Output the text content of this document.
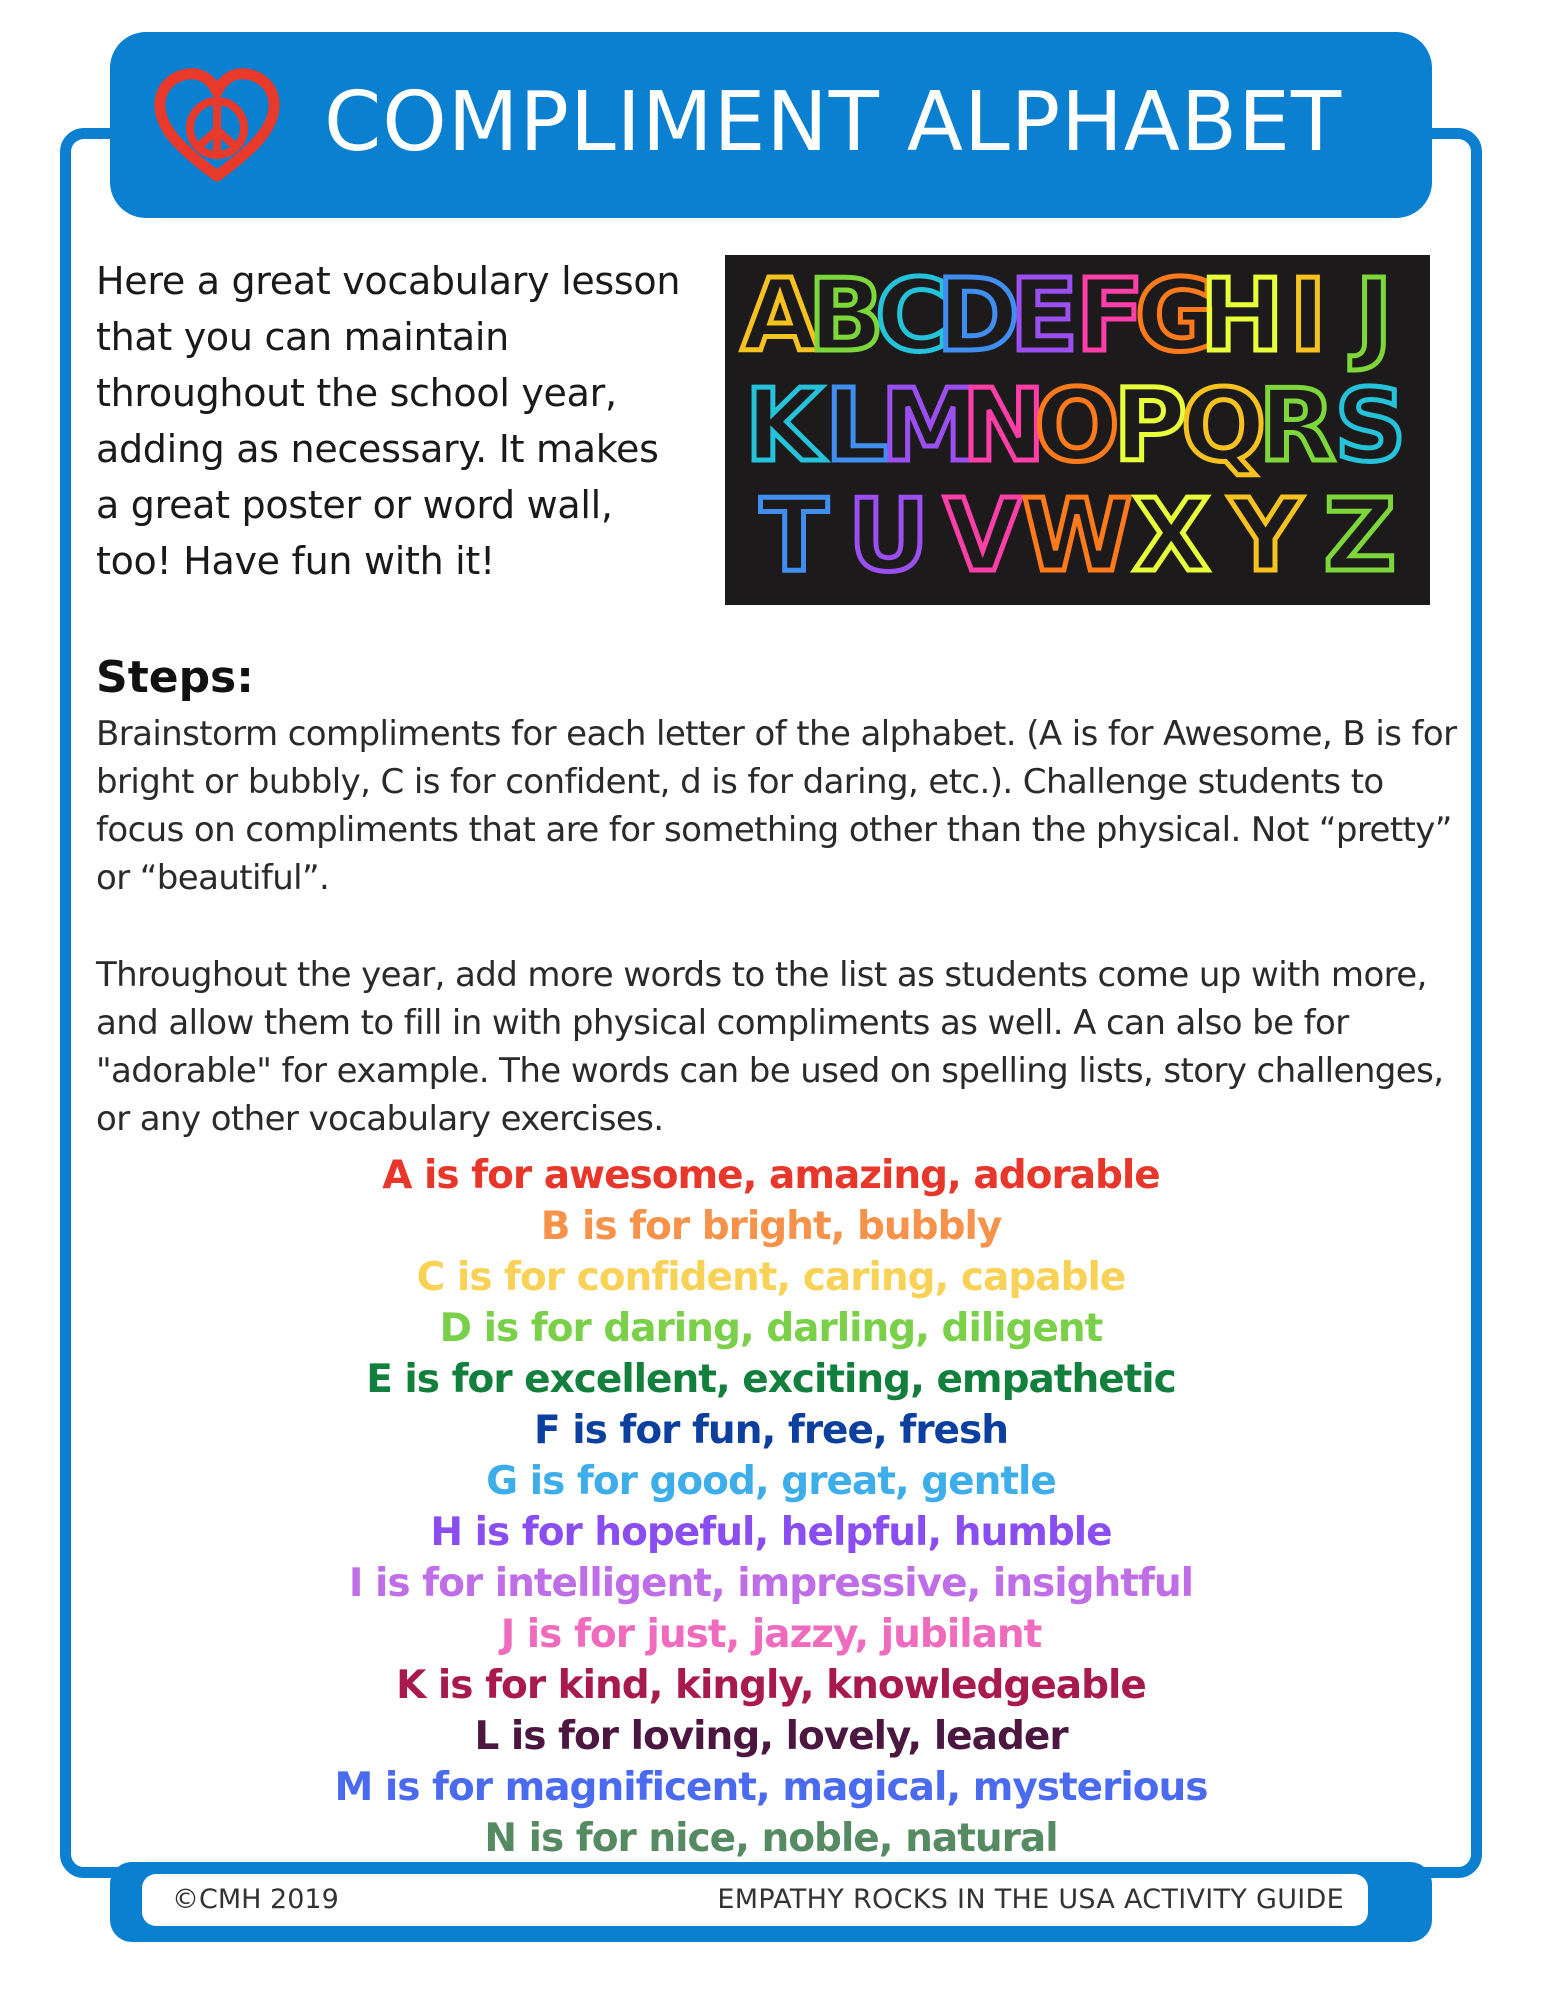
COMPLIMENT ALPHABET

Here a great vocabulary lesson that you can maintain throughout the school year, adding as necessary. It makes a great poster or word wall, too! Have fun with it!

A
B
C
D
E
F
G
H I J
K L
M
N
O
P
Q
R
S
T U V W X Y Z
Steps:

Brainstorm compliments for each letter of the alphabet. (A is for Awesome, B is for bright or bubbly, C is for confident, d is for daring, etc.). Challenge students to focus on compliments that are for something other than the physical. Not “pretty” or “beautiful”.

Throughout the year, add more words to the list as students come up with more, and allow them to fill in with physical compliments as well. A can also be for "adorable" for example. The words can be used on spelling lists, story challenges, or any other vocabulary exercises.

A is for awesome, amazing, adorable
B is for bright, bubbly
C is for confident, caring, capable
D is for daring, darling, diligent
E is for excellent, exciting, empathetic
F is for fun, free, fresh
G is for good, great, gentle
H is for hopeful, helpful, humble
I is for intelligent, impressive, insightful
J is for just, jazzy, jubilant
K is for kind, kingly, knowledgeable
L is for loving, lovely, leader
M is for magnificent, magical, mysterious
N is for nice, noble, natural
©CMH 2019	EMPATHY ROCKS IN THE USA ACTIVITY GUIDE
